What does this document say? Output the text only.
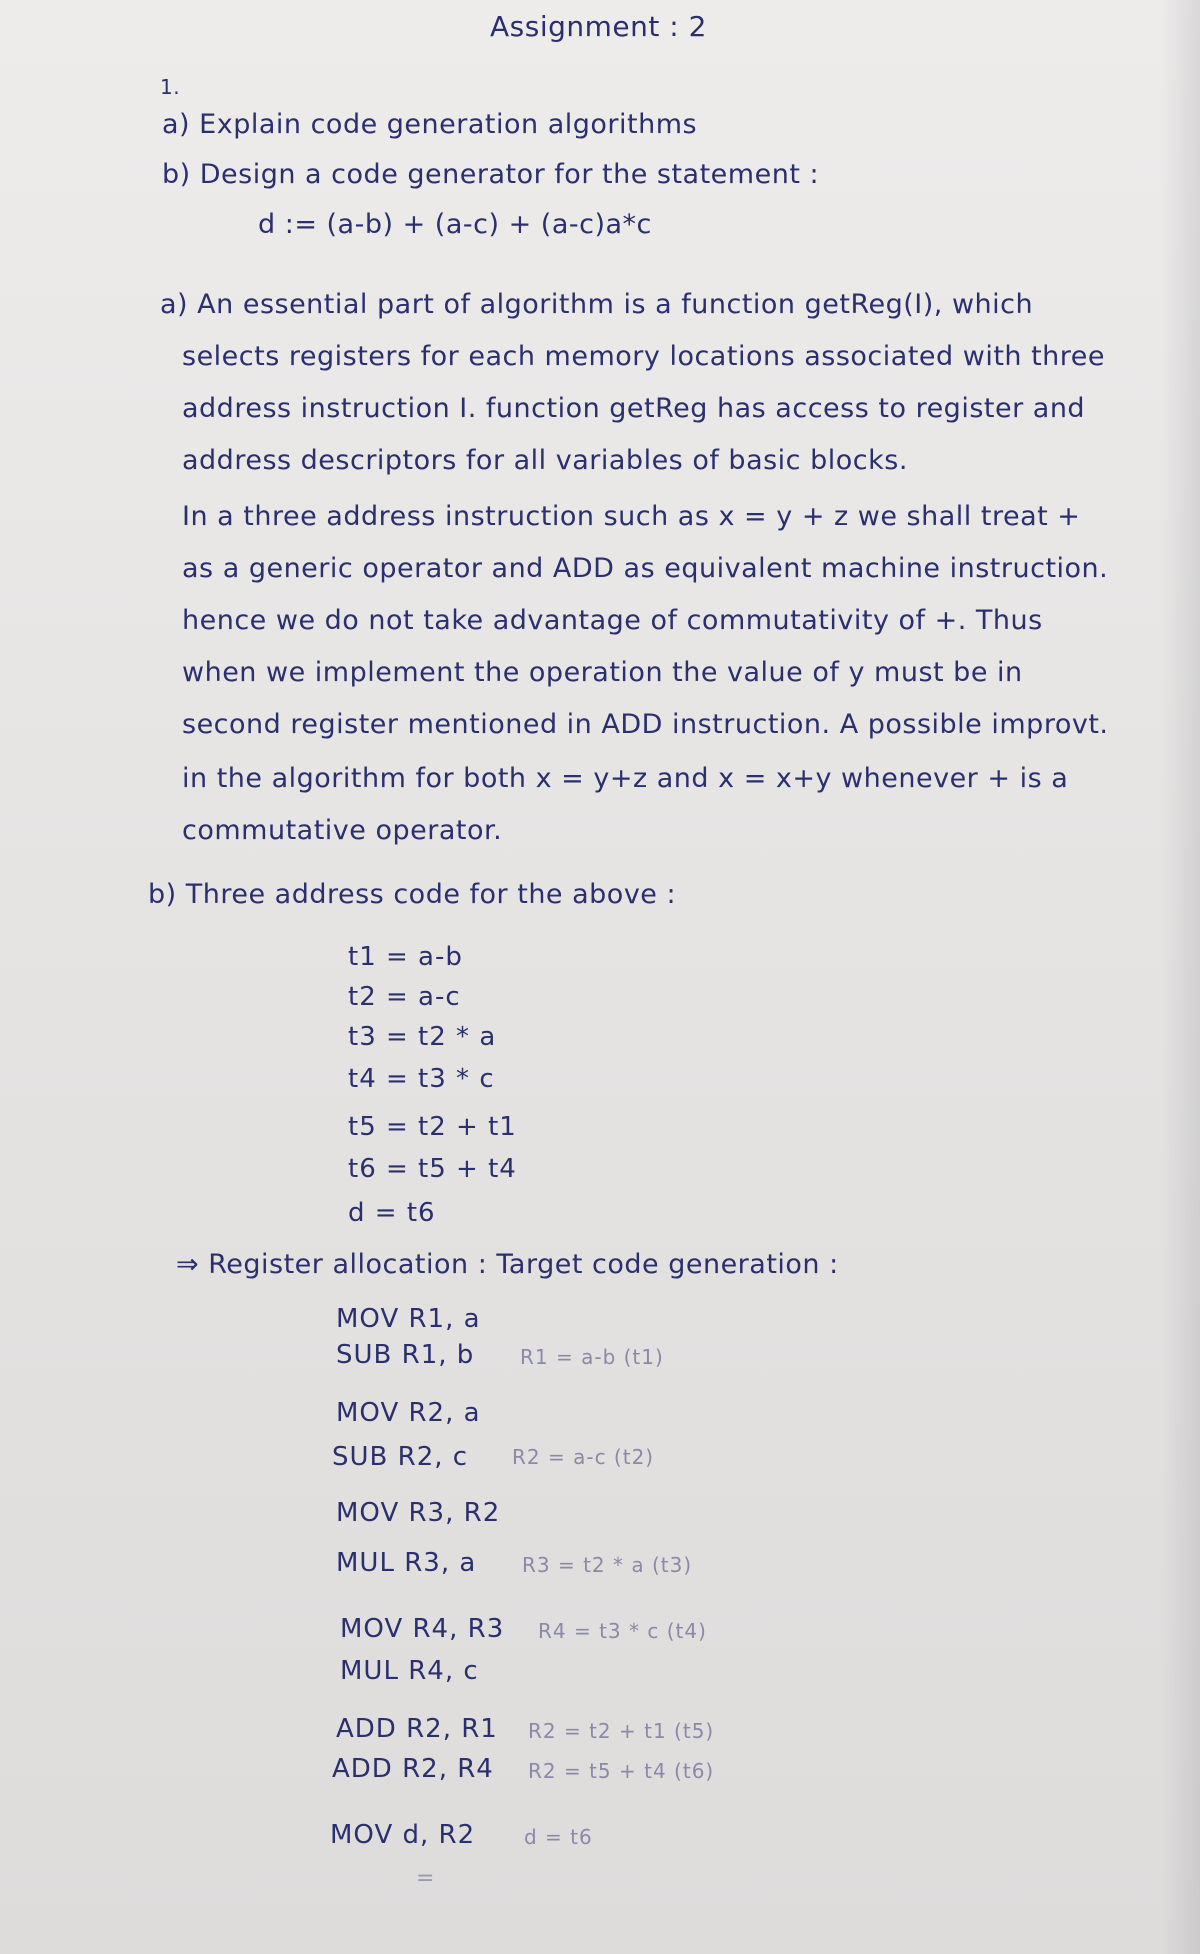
Assignment : 2
1.
a) Explain code generation algorithms
b) Design a code generator for the statement :
d := (a-b) + (a-c) + (a-c)a*c
a) An essential part of algorithm is a function getReg(I), which
selects registers for each memory locations associated with three
address instruction I. function getReg has access to register and
address descriptors for all variables of basic blocks.
In a three address instruction such as x = y + z we shall treat +
as a generic operator and ADD as equivalent machine instruction.
hence we do not take advantage of commutativity of +. Thus
when we implement the operation the value of y must be in
second register mentioned in ADD instruction. A possible improvt.
in the algorithm for both x = y+z and x = x+y whenever + is a
commutative operator.
b) Three address code for the above :
t1 = a-b
t2 = a-c
t3 = t2 * a
t4 = t3 * c
t5 = t2 + t1
t6 = t5 + t4
d = t6
⇒ Register allocation : Target code generation :
MOV R1, a
SUB R1, b R1 = a-b (t1)
MOV R2, a
SUB R2, c R2 = a-c (t2)
MOV R3, R2
MUL R3, a R3 = t2 * a (t3)
MOV R4, R3 R4 = t3 * c (t4)
MUL R4, c
ADD R2, R1 R2 = t2 + t1 (t5)
ADD R2, R4 R2 = t5 + t4 (t6)
MOV d, R2 d = t6
=
